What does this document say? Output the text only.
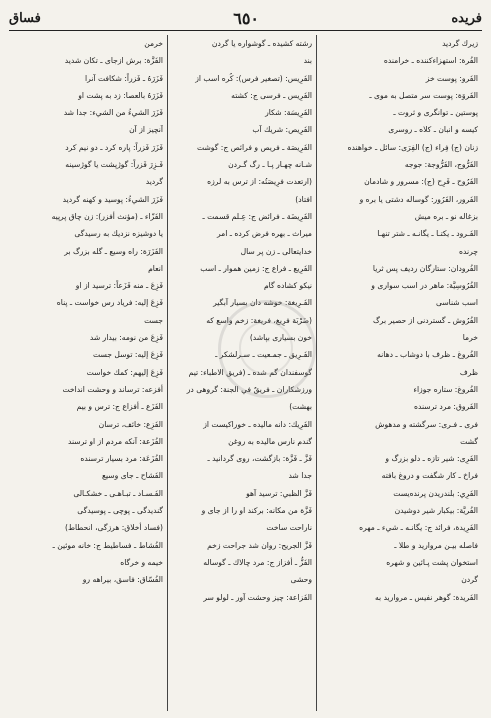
فساق	٦٥٠	فريده
زيرك گرديد
الفُرة: استهزاءكننده ـ خرامنده
الفَرو: پوست خز
الفَروَة: پوست سر متصل به موى ـ
پوستين ـ توانگرى و ثروت ـ
كيسه و انبان ـ كلاه ـ روسرى
زنان (ج) فِراء (ج) الفِرَى: سائل ـ خواهنده
الفَرُّوج، الفَرُّوجة: جوجه
الفَرُوح ـ فَرِح (ج): مسرور و شادمان
الفَرور، الفَرُور: گوساله دشتى يا بره و
بزغاله نو ـ بره ميش
الفَـرود ـ يكتـا ـ يگانـه ـ شتر تنهـا
چرنده
الفُرودان: ستارگان رديف پس ثريا
الفُرُوسِيَّة: ماهر در اسب سوارى و
اسب شناسى
الفُرُوش ـ گستردنى از حصير برگ
خرما
الفُروغ ـ ظرف با دوشاب ـ دهانه
ظرف
الفُروغ: ستاره جوزاء
الفَروق: مرد ترسنده
فرى ـ فـرى: سرگشته و مدهوش
گشت
الفَرِى: شير تازه ـ دلو بزرگ و
فراخ ـ كار شگفت و دروغ بافته
الفَرِي: بلندريدن پرنده‌يست
الفُريَّة: بيكبار شير دوشيدن
الفَرِيدة، فرائد ج: يگانـه ـ شيء ـ مهره
فاصله بيـن مرواريد و طلا ـ
استخوان پشت پـائين و شهره
گردن
الفَريدة: گوهر نفيس ـ مرواريد به
رشته كشيده ـ گوشواره يا گردن
بند
الفَرِيس: (تصغير فرس): كُره اسب از
الفَرِيس ـ فرسى ج: كشته
الفَرِيسَة: شكار
الفَرِيص: شريك آب
الفَرِيصَة ـ فريص و فرائص ج: گوشت
شـانه چهـار پـا ـ رگ گـردن
(ارتعدت فرِيصَتُه: از ترس به لرزه
افتاد)
الفَرِيضَة ـ فرائض ج: عِـلم قسمت ـ
ميراث ـ بهره فرض كرده ـ امر
خدايتعالى ـ زن پر سال
الفَرِيع ـ فراع ج: زمين هموار ـ اسب
نيكو كشاده گام
الفَـرِيغة: خوشه دان بسيار آبگير
(ضَرْبَة فرِيغ، فريغة: زخم واسع كه
خون بسيارى بپاشد)
الفَـرِيق ـ جمـعيت ـ سـرلشكر ـ
گوسفندان گم شده ـ (فريق الاطباء: تيم
ورزشكاران ـ فريقٌ في الجنة: گروهى در
بهشت)
الفَرِيك: دانه ماليده ـ خوراكيست از
گندم نارس ماليده به روغن
فَزَّ ـ فَزَّة: بازگشت، روى گردانيد ـ
جدا شد
فَزَّ الظبي: ترسيد آهو
فَزَّة من مكانه: بركند او را از جاى و
ناراحت ساخت
فَزَّ الجريح: روان شد جراحت زخم
الفَزُّ ـ أفزاز ج: مرد چالاك ـ گوساله
وحشى
الفَزاعة: چيز وحشت آور ـ لولو سر
خرمن
الفَزَّة: برش ازجاى ـ تكان شديد
فَزَرَهُ ـ فَزراً: شكافت آنرا
فَزَرَهُ بالعصا: زد به پشت او
فَزَرَ الشيءُ من الشيء: جدا شد
آنچيز از آن
فَزَرَ فَزراً: پاره كرد ـ دو نيم كرد
فَـزِرَ فَزراً: گوژپشت يا گوژسينه
گرديد
فَزَرَ الشيءُ: پوسيد و كهنه گرديد
الفَزّاء ـ (مؤنث أفزر): زن چاق پرپيه
يا دوشيزه نزديك به رسيدگى
الفَزَرَة: راه وسيع ـ گله بزرگ بر
انعام
فَزِعَ ـ منه فَزَعاً: ترسيد از او
فَزِعَ إليه: فرياد رس خواست ـ پناه
جست
فَزِعَ من نومه: بيدار شد
فَزِعَ إليه: توسل جست
فَزِعَ إليهم: كمك خواست
أفزعه: ترساند و وحشت انداخت
الفَزَع ـ أفزاع ج: ترس و بيم
الفَزِع: خائف، ترسان
الفُزَعة: آنكه مردم از او ترسند
الفُزَعَة: مرد بسيار ترسنده
الفَشاح ـ جاى وسيع
الفَـسـاد ـ تبـاهـى ـ خشكـالى
گنديدگى ـ پوچى ـ پوسيدگى
(فساد أخلاق: هرزگى، انحطاط)
الفُشاط ـ فساطيط ج: خانه موئين ـ
خيمه و خرگاه
الفُسّاق: فاسق، بيراهه رو
